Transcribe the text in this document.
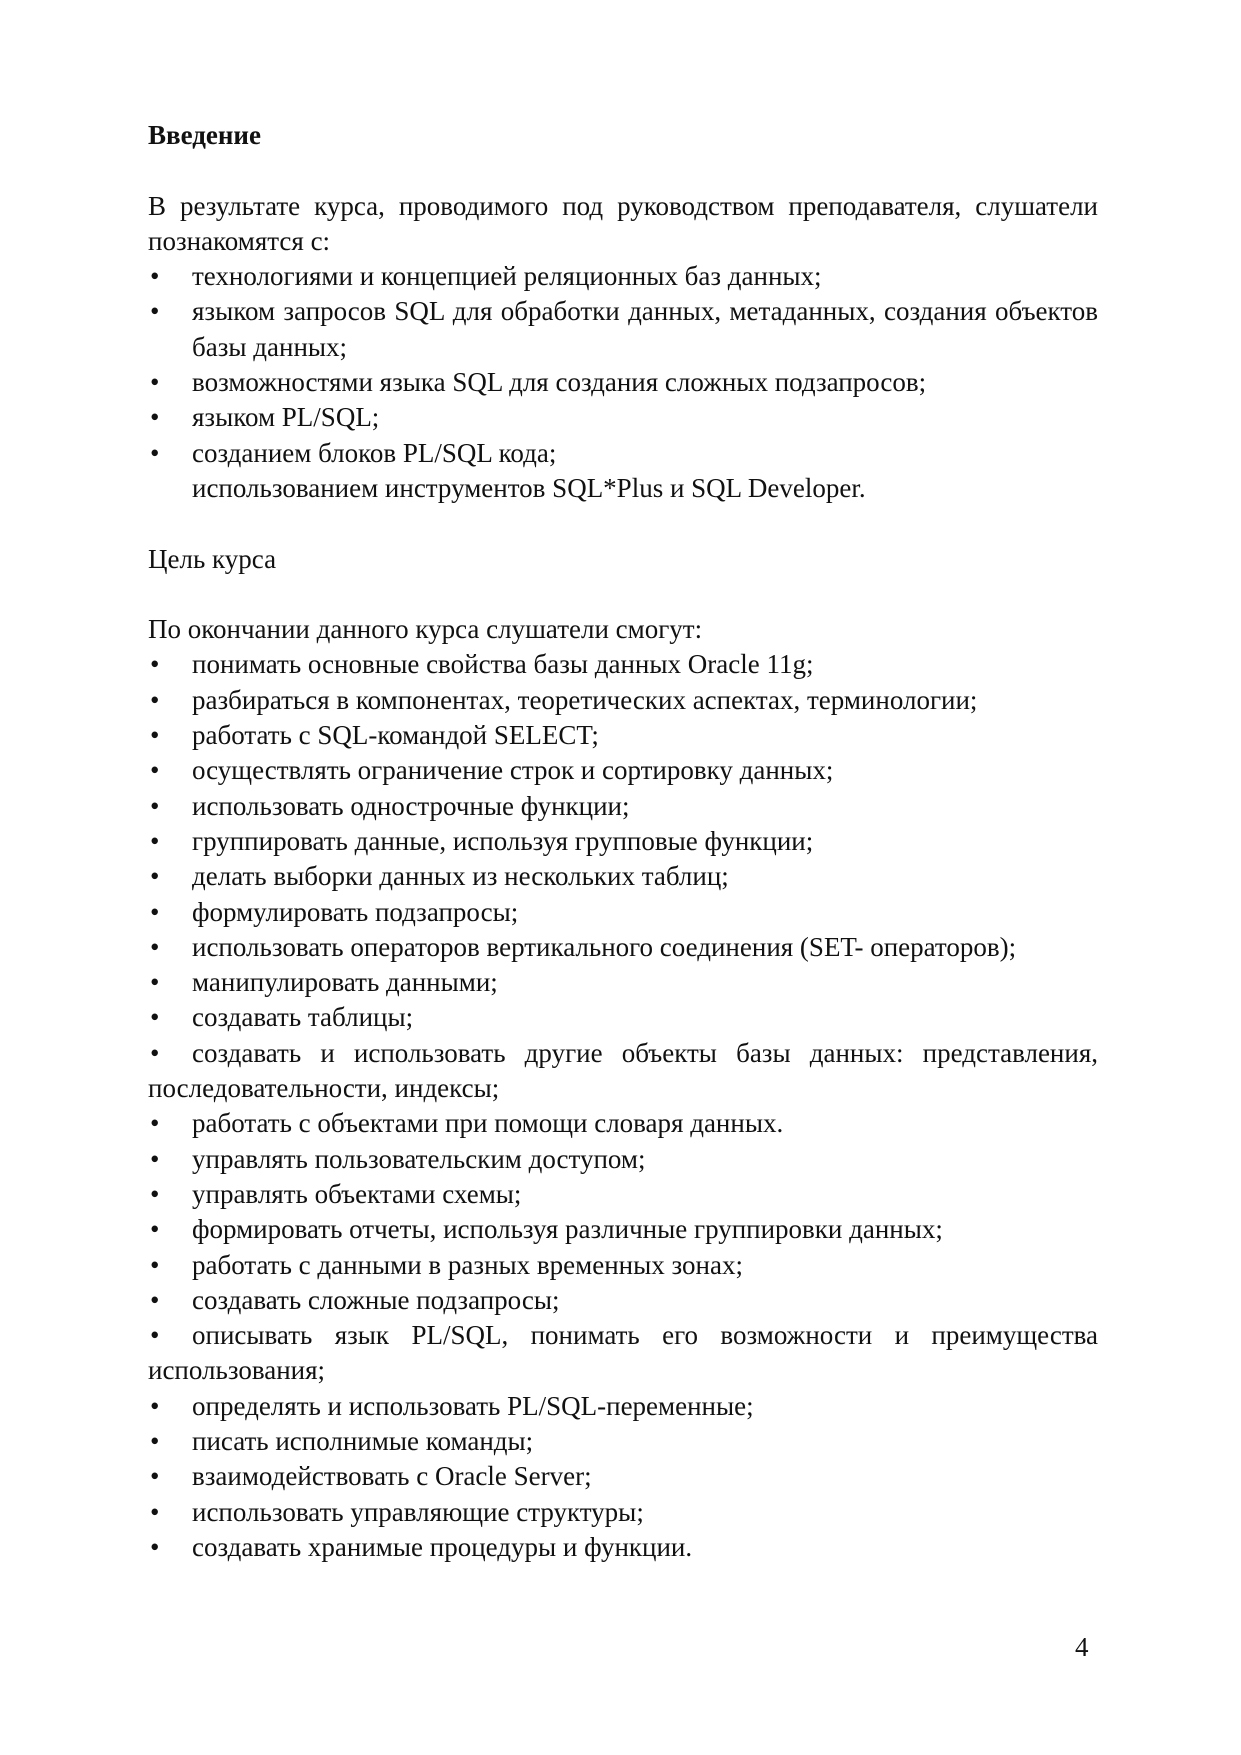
Введение

В результате курса, проводимого под руководством преподавателя, слушатели познакомятся с:

•	технологиями и концепцией реляционных баз данных;
•	языком запросов SQL для обработки данных, метаданных, создания объектов базы данных;
•	возможностями языка SQL для создания сложных подзапросов;
•	языком PL/SQL;
•	созданием блоков PL/SQL кода;
использованием инструментов SQL*Plus и SQL Developer.

Цель курса

По окончании данного курса слушатели смогут:

•	понимать основные свойства базы данных Oracle 11g;
•	разбираться в компонентах, теоретических аспектах, терминологии;
•	работать с SQL-командой SELECT;
•	осуществлять ограничение строк и сортировку данных;
•	использовать однострочные функции;
•	группировать данные, используя групповые функции;
•	делать выборки данных из нескольких таблиц;
•	формулировать подзапросы;
•	использовать операторов вертикального соединения (SET- операторов);
•	манипулировать данными;
•	создавать таблицы;
•	создавать и использовать другие объекты базы данных: представления, последовательности, индексы;
•	работать с объектами при помощи словаря данных.
•	управлять пользовательским доступом;
•	управлять объектами схемы;
•	формировать отчеты, используя различные группировки данных;
•	работать с данными в разных временных зонах;
•	создавать сложные подзапросы;
•	описывать язык PL/SQL, понимать его возможности и преимущества использования;
•	определять и использовать PL/SQL-переменные;
•	писать исполнимые команды;
•	взаимодействовать с Oracle Server;
•	использовать управляющие структуры;
•	создавать хранимые процедуры и функции.
4
